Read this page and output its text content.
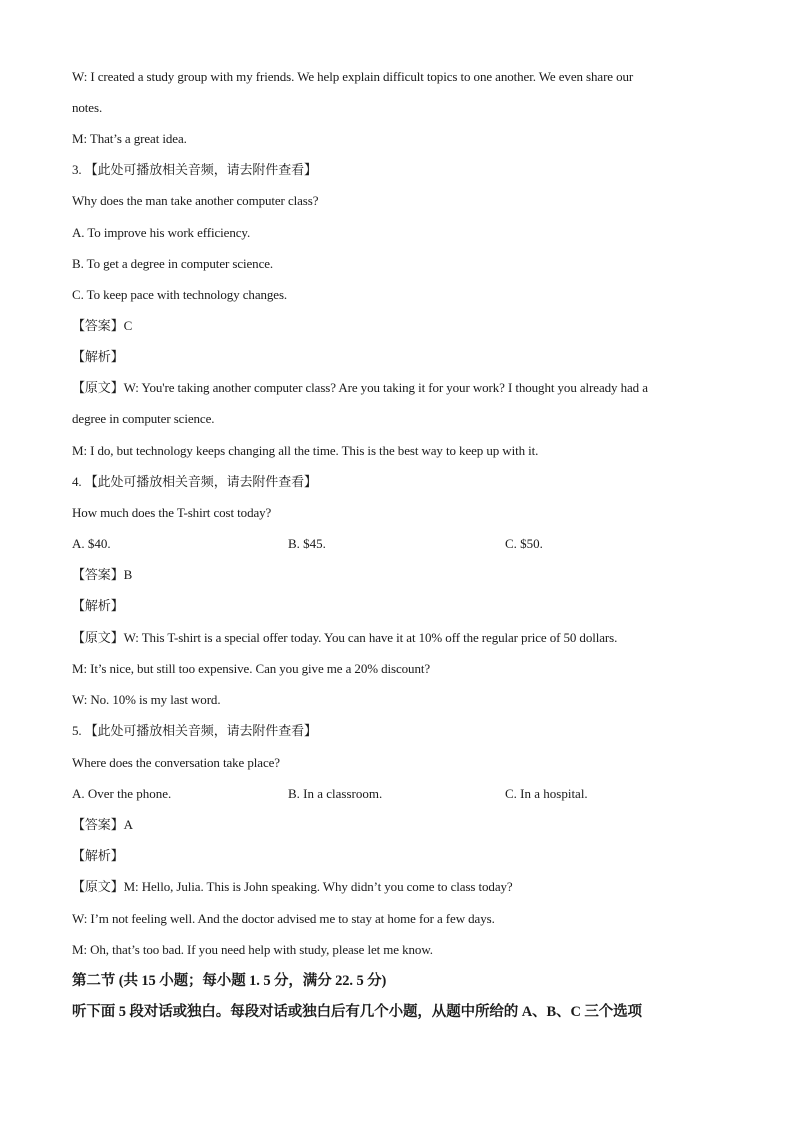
W: I created a study group with my friends. We help explain difficult topics to one another. We even share our
notes.
M: That’s a great idea.
3. 【此处可播放相关音频，请去附件查看】
Why does the man take another computer class?
A. To improve his work efficiency.
B. To get a degree in computer science.
C. To keep pace with technology changes.
【答案】C
【解析】
【原文】W: You're taking another computer class? Are you taking it for your work? I thought you already had a
degree in computer science.
M: I do, but technology keeps changing all the time. This is the best way to keep up with it.
4. 【此处可播放相关音频，请去附件查看】
How much does the T-shirt cost today?
A. $40.	B. $45.	C. $50.
【答案】B
【解析】
【原文】W: This T-shirt is a special offer today. You can have it at 10% off the regular price of 50 dollars.
M: It’s nice, but still too expensive. Can you give me a 20% discount?
W: No. 10% is my last word.
5. 【此处可播放相关音频，请去附件查看】
Where does the conversation take place?
A. Over the phone.	B. In a classroom.	C. In a hospital.
【答案】A
【解析】
【原文】M: Hello, Julia. This is John speaking. Why didn’t you come to class today?
W: I’m not feeling well. And the doctor advised me to stay at home for a few days.
M: Oh, that’s too bad. If you need help with study, please let me know.
第二节 (共 15 小题；每小题 1. 5 分，满分 22. 5 分)
听下面 5 段对话或独白。每段对话或独白后有几个小题，从题中所给的 A、B、C 三个选项
